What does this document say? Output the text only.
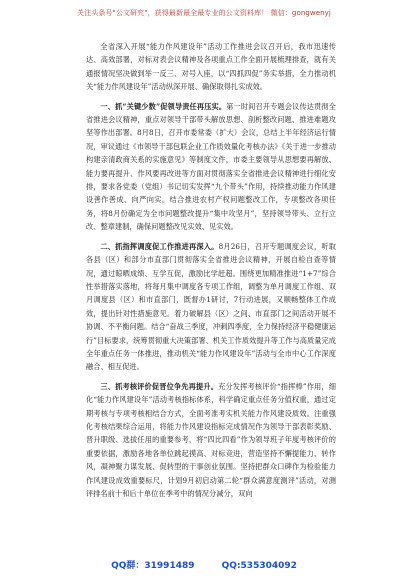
关注头条号"公文研究"，获得最新最全最专业的公文资料库！ 微信：gongwenyj

全省深入开展“能力作风建设年”活动工作推进会议召开后，我市迅速传达、高效部署，对标对表会议精神及各项重点工作全面开展梳理排查，就有关通报情况坚决做到举一反三、对号入座，以“四抓四促”务实举措，全力推动机关“能力作风建设年”活动纵深开展、确保取得扎实成效。

一、抓“关键少数”促领导责任再压实。第一时间召开专题会议传达贯彻全省推进会议精神，重点对领导干部带头解放思想、剖析整改问题、推进难题攻坚等作出部署。8月8日，召开市委常委（扩大）会议，总结上半年经济运行情况，审议通过《市领导干部包联企业工作质效量化考核办法》《关于进一步推动构建亲清政商关系的实施意见》等制度文件，市委主要领导从思想要再解放、能力要再提升、作风要再改进等方面对贯彻落实全省推进会议精神进行细化安排，要求各党委（党组）书记切实发挥“九个带头”作用，持续推动能力作风建设善作善成、向严向实。结合推进农村产权问题整改工作，专项整改各项任务，将8月份确定为全市问题整改提升“集中攻坚月”，坚持领导带头、立行立改、整章建制，确保问题整改见实效、见实效。

二、抓指挥调度促工作推进再深入。8月26日，召开专题调度会议，听取各县（区）和部分市直部门贯彻落实全省推进会议精神，开展自检自查等情况，通过晾晒成绩、互学互促，激励比学赶超。围绕更加精准推进“1+7”综合性举措落实落地，将每月集中调度各专项工作组，调整为单月调度工作组、双月调度县（区）和市直部门，既督办1研讨，7行动进展，又顺畅整体工作成效，提出针对性措施意见。着力破解县（区）之间、市直部门之间活动开展不协调、不平衡问题。结合“奋战三季度，冲刺四季度，全力保持经济平稳健康运行”目标要求，统筹贯彻重大决策部署、机关工作质效提升等工作与高质量完成全年重点任务一体推进，推动机关“能力作风建设年”活动与全市中心工作深度融合、相互促进。

三、抓考核评价促晋位争先再提升。充分发挥考核评价“指挥棒”作用，细化“能力作风建设年”活动考核指标体系，科学确定重点任务分值权重，通过定期考核与专项考核相结合方式，全面考准考实机关能力作风建设质效。注重强化考核结果综合运用，将能力作风建设指标完成情况作为领导干部表彰奖励、晋升职级、选拔任用的重要参考，将“四比四看”作为领导班子年度考核评价的重要依据，激励各地各单位跳起摸高、对标竞进，营造坚持不懈提能力、转作风，凝神聚力谋发展、促转型的干事创业氛围。坚持把群众口碑作为检验能力作风建设成效重要标尺，计划9月初启动第二轮“群众满意度测评”活动，对测评排名前十和后十单位在季考中的情况分减分，双向

QQ群：31991489	QQ:535304092
